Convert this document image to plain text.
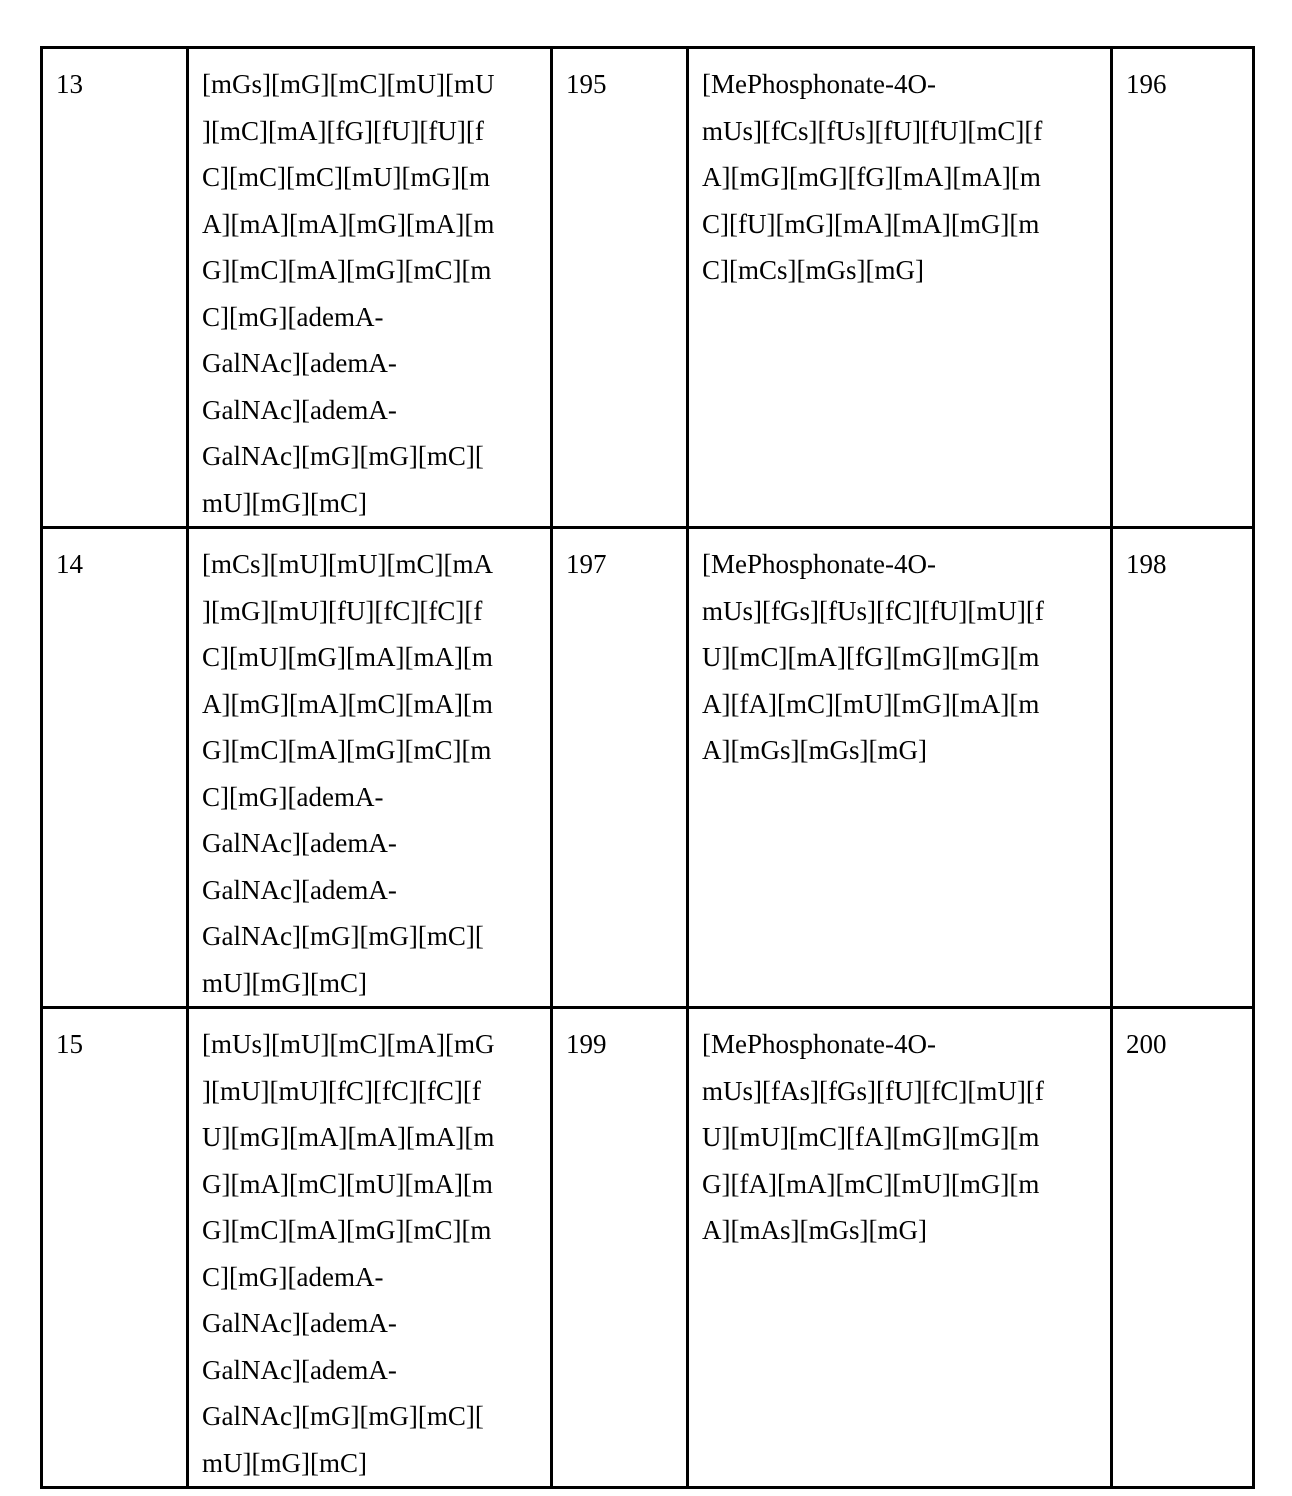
13	[mGs][mG][mC][mU][mU
][mC][mA][fG][fU][fU][f
C][mC][mC][mU][mG][m
A][mA][mA][mG][mA][m
G][mC][mA][mG][mC][m
C][mG][ademA-
GalNAc][ademA-
GalNAc][ademA-
GalNAc][mG][mG][mC][
mU][mG][mC]
	195	[MePhosphonate-4O-
mUs][fCs][fUs][fU][fU][mC][f
A][mG][mG][fG][mA][mA][m
C][fU][mG][mA][mA][mG][m
C][mCs][mGs][mG]
	196
14	[mCs][mU][mU][mC][mA
][mG][mU][fU][fC][fC][f
C][mU][mG][mA][mA][m
A][mG][mA][mC][mA][m
G][mC][mA][mG][mC][m
C][mG][ademA-
GalNAc][ademA-
GalNAc][ademA-
GalNAc][mG][mG][mC][
mU][mG][mC]
	197	[MePhosphonate-4O-
mUs][fGs][fUs][fC][fU][mU][f
U][mC][mA][fG][mG][mG][m
A][fA][mC][mU][mG][mA][m
A][mGs][mGs][mG]
	198
15	[mUs][mU][mC][mA][mG
][mU][mU][fC][fC][fC][f
U][mG][mA][mA][mA][m
G][mA][mC][mU][mA][m
G][mC][mA][mG][mC][m
C][mG][ademA-
GalNAc][ademA-
GalNAc][ademA-
GalNAc][mG][mG][mC][
mU][mG][mC]
	199	[MePhosphonate-4O-
mUs][fAs][fGs][fU][fC][mU][f
U][mU][mC][fA][mG][mG][m
G][fA][mA][mC][mU][mG][m
A][mAs][mGs][mG]
	200
